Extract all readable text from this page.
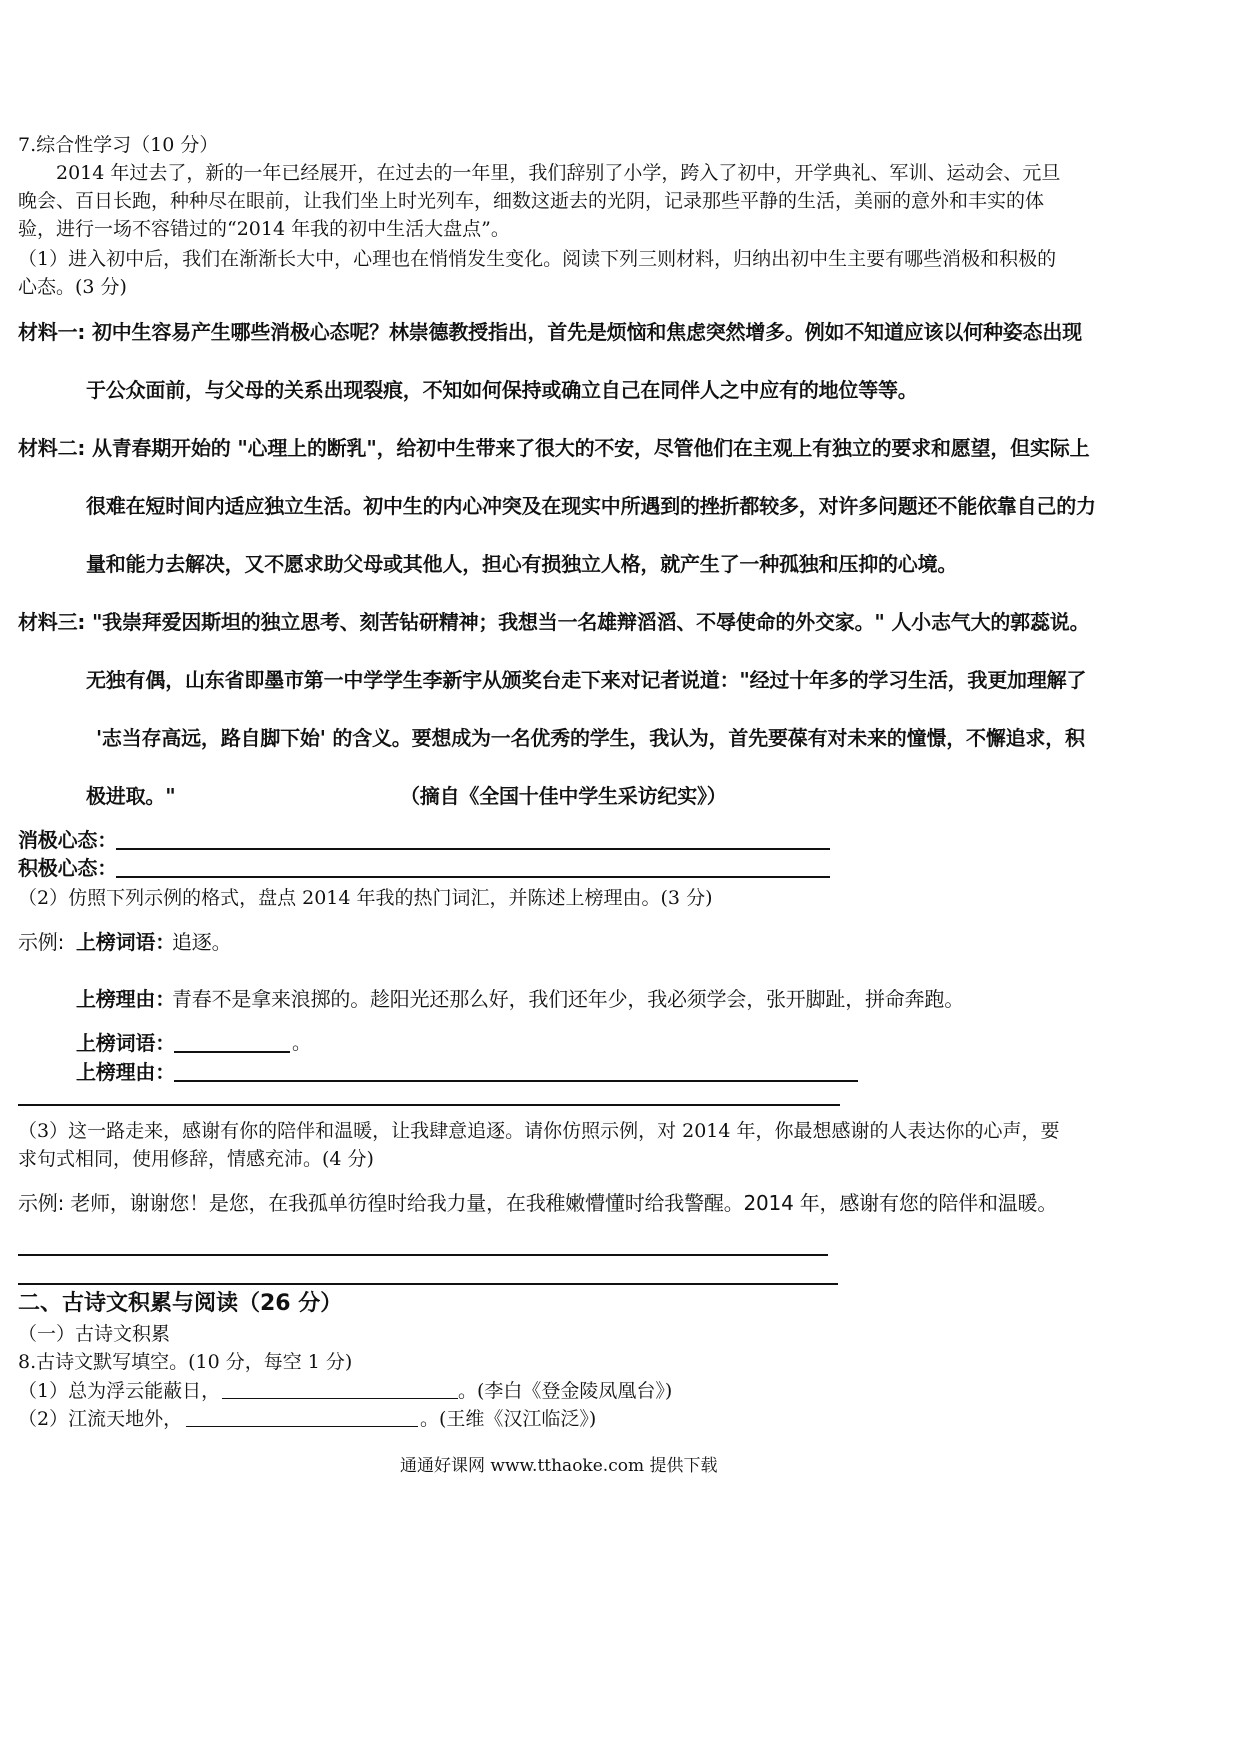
7.综合性学习（10 分）
2014 年过去了，新的一年已经展开，在过去的一年里，我们辞别了小学，跨入了初中，开学典礼、军训、运动会、元旦
晚会、百日长跑，种种尽在眼前，让我们坐上时光列车，细数这逝去的光阴，记录那些平静的生活，美丽的意外和丰实的体
验，进行一场不容错过的“2014 年我的初中生活大盘点”。
（1）进入初中后，我们在渐渐长大中，心理也在悄悄发生变化。阅读下列三则材料，归纳出初中生主要有哪些消极和积极的
心态。(3 分)
材料一: 初中生容易产生哪些消极心态呢？林崇德教授指出，首先是烦恼和焦虑突然增多。例如不知道应该以何种姿态出现
于公众面前，与父母的关系出现裂痕，不知如何保持或确立自己在同伴人之中应有的地位等等。
材料二: 从青春期开始的 "心理上的断乳"，给初中生带来了很大的不安，尽管他们在主观上有独立的要求和愿望，但实际上
很难在短时间内适应独立生活。初中生的内心冲突及在现实中所遇到的挫折都较多，对许多问题还不能依靠自己的力
量和能力去解决，又不愿求助父母或其他人，担心有损独立人格，就产生了一种孤独和压抑的心境。
材料三: "我崇拜爱因斯坦的独立思考、刻苦钻研精神；我想当一名雄辩滔滔、不辱使命的外交家。" 人小志气大的郭蕊说。
无独有偶，山东省即墨市第一中学学生李新宇从颁奖台走下来对记者说道："经过十年多的学习生活，我更加理解了
'志当存高远，路自脚下始' 的含义。要想成为一名优秀的学生，我认为，首先要葆有对未来的憧憬，不懈追求，积
极进取。"	（摘自《全国十佳中学生采访纪实》）
消极心态：
积极心态：
（2）仿照下列示例的格式，盘点 2014 年我的热门词汇，并陈述上榜理由。(3 分)
示例: 上榜词语：
追逐。
上榜理由：
青春不是拿来浪掷的。趁阳光还那么好，我们还年少，我必须学会，张开脚趾，拼命奔跑。
上榜词语：	。
上榜理由：
（3）这一路走来，感谢有你的陪伴和温暖，让我肆意追逐。请你仿照示例，对 2014 年，你最想感谢的人表达你的心声，要
求句式相同，使用修辞，情感充沛。(4 分)
示例: 老师，谢谢您！是您，在我孤单彷徨时给我力量，在我稚嫩懵懂时给我警醒。2014 年，感谢有您的陪伴和温暖。
二、古诗文积累与阅读（26 分）
（一）古诗文积累
8.古诗文默写填空。(10 分，每空 1 分)
（1）总为浮云能蔽日，	。(李白《登金陵凤凰台》)
（2）江流天地外，	。(王维《汉江临泛》)
通通好课网 www.tthaoke.com 提供下载
